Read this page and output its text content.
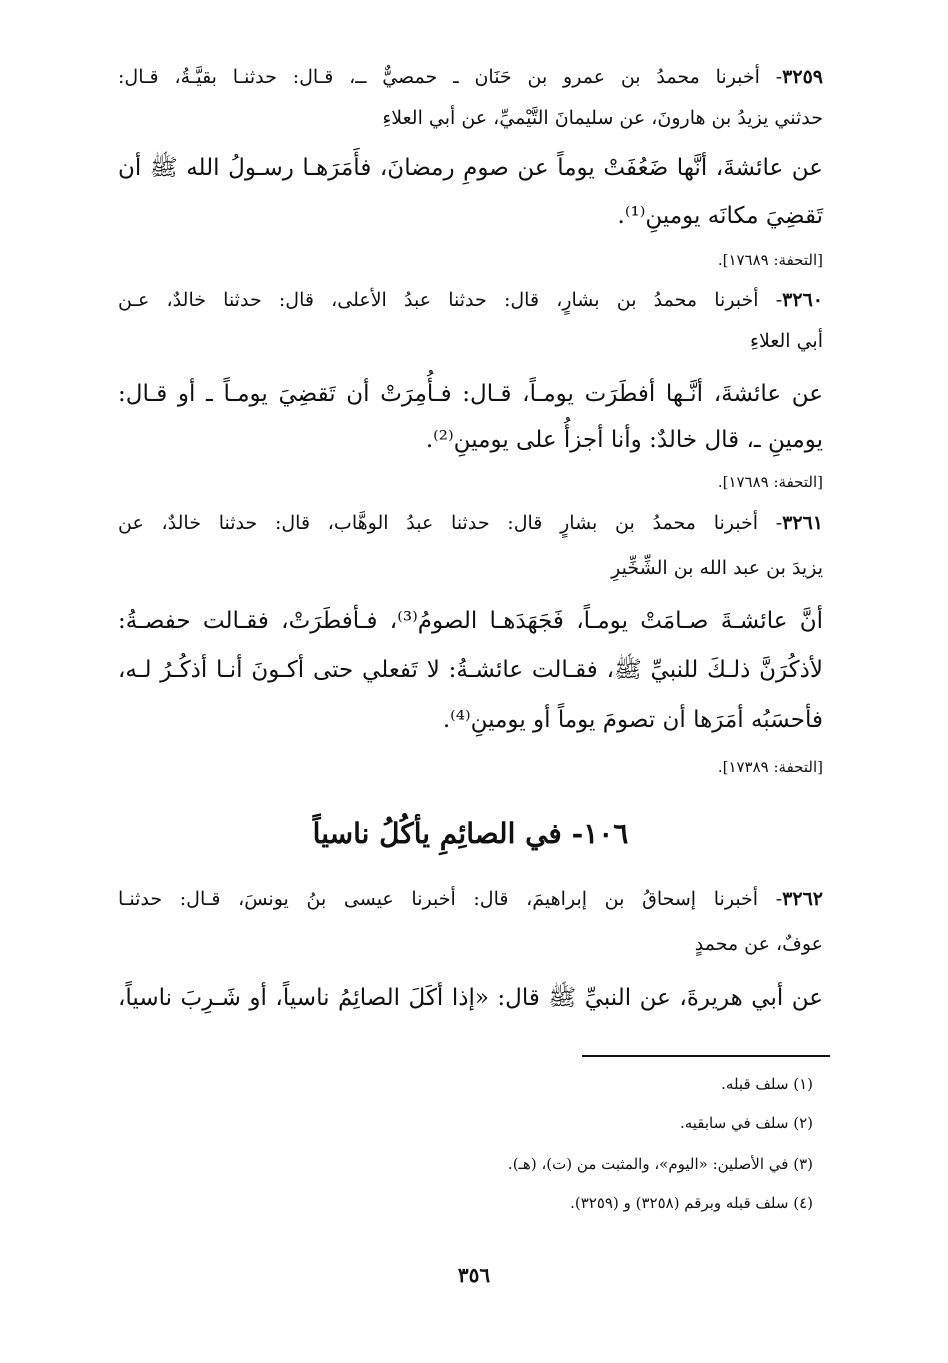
٣٢٥٩- أخبرنا محمدُ بن عمرو بن حَنَان ـ حمصيٌّ ــ، قـال: حدثنـا بقيَّـةُ، قـال:
حدثني يزيدُ بن هارونَ، عن سليمانَ التَّيْميِّ، عن أبي العلاءِ
عن عائشةَ، أنَّها ضَعُفَتْ يوماً عن صومِ رمضانَ، فأَمَرَهـا رسـولُ الله ﷺ أن
تَقضِيَ مكانَه يومينِ⁽¹⁾.
[التحفة: ١٧٦٨٩].
٣٢٦٠- أخبرنا محمدُ بن بشارٍ، قال: حدثنا عبدُ الأعلى، قال: حدثنا خالدٌ، عـن
أبي العلاءِ
عن عائشةَ، أنَّـها أفطَرَت يومـاً، قـال: فـأُمِرَتْ أن تَقضِيَ يومـاً ـ أو قـال:
يومينِ ـ، قال خالدٌ: وأنا أجزأُ على يومينِ⁽²⁾.
[التحفة: ١٧٦٨٩].
٣٢٦١- أخبرنا محمدُ بن بشارٍ قال: حدثنا عبدُ الوهَّاب، قال: حدثنا خالدٌ، عن
يزيدَ بن عبد الله بن الشِّخِّيرِ
أنَّ عائشـةَ صـامَتْ يومـاً، فَجَهَدَهـا الصومُ⁽³⁾، فـأفطَرَتْ، فقـالت حفصـةُ:
لأذكُرَنَّ ذلـكَ للنبيِّ ﷺ، فقـالت عائشـةُ: لا تَفعلي حتى أكـونَ أنـا أذكُـرُ لـه،
فأحسَبُه أمَرَها أن تصومَ يوماً أو يومينِ⁽⁴⁾.
[التحفة: ١٧٣٨٩].
١٠٦- في الصائِمِ يأكُلُ ناسياً
٣٢٦٢- أخبرنا إسحاقُ بن إبراهيمَ، قال: أخبرنا عيسى بنُ يونسَ، قـال: حدثنـا
عوفٌ، عن محمدٍ
عن أبي هريرةَ، عن النبيِّ ﷺ قال: «إذا أكَلَ الصائِمُ ناسياً، أو شَـرِبَ ناسياً،
(١) سلف قبله.
(٢) سلف في سابقيه.
(٣) في الأصلين: «اليوم»، والمثبت من (ت)، (هـ).
(٤) سلف قبله وبرقم (٣٢٥٨) و (٣٢٥٩).
٣٥٦
